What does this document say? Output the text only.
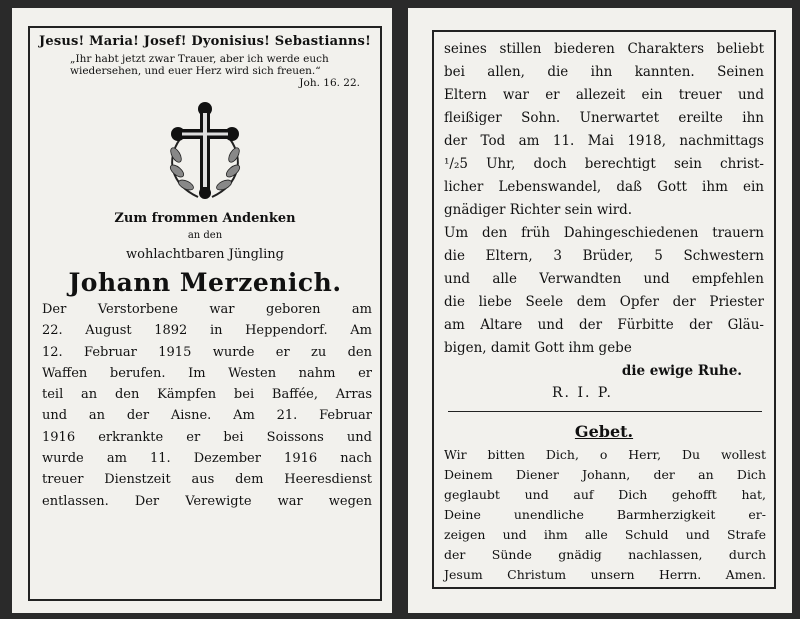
Jesus! Maria! Josef! Dyonisius! Sebastianns!
„Ihr habt jetzt zwar Trauer, aber ich werde euch wiedersehen, und euer Herz wird sich freuen.“
Joh. 16. 22.
Zum frommen Andenken
an den
wohlachtbaren Jüngling
Johann Merzenich.
Der Verstorbene war geboren am
22. August 1892 in Heppendorf. Am
12. Februar 1915 wurde er zu den
Waffen berufen. Im Westen nahm er
teil an den Kämpfen bei Baffée, Arras
und an der Aisne. Am 21. Februar
1916 erkrankte er bei Soissons und
wurde am 11. Dezember 1916 nach
treuer Dienstzeit aus dem Heeresdienst
entlassen. Der Verewigte war wegen
seines stillen biederen Charakters beliebt
bei allen, die ihn kannten. Seinen
Eltern war er allezeit ein treuer und
fleißiger Sohn. Unerwartet ereilte ihn
der Tod am 11. Mai 1918, nachmittags
¹/₂5 Uhr, doch berechtigt sein christ-
licher Lebenswandel, daß Gott ihm ein
gnädiger Richter sein wird.
Um den früh Dahingeschiedenen trauern
die Eltern, 3 Brüder, 5 Schwestern
und alle Verwandten und empfehlen
die liebe Seele dem Opfer der Priester
am Altare und der Fürbitte der Gläu-
bigen, damit Gott ihm gebe
die ewige Ruhe.
R. I. P.
Gebet.
Wir bitten Dich, o Herr, Du wollest
Deinem Diener Johann, der an Dich
geglaubt und auf Dich gehofft hat,
Deine unendliche Barmherzigkeit er-
zeigen und ihm alle Schuld und Strafe
der Sünde gnädig nachlassen, durch
Jesum Christum unsern Herrn. Amen.
